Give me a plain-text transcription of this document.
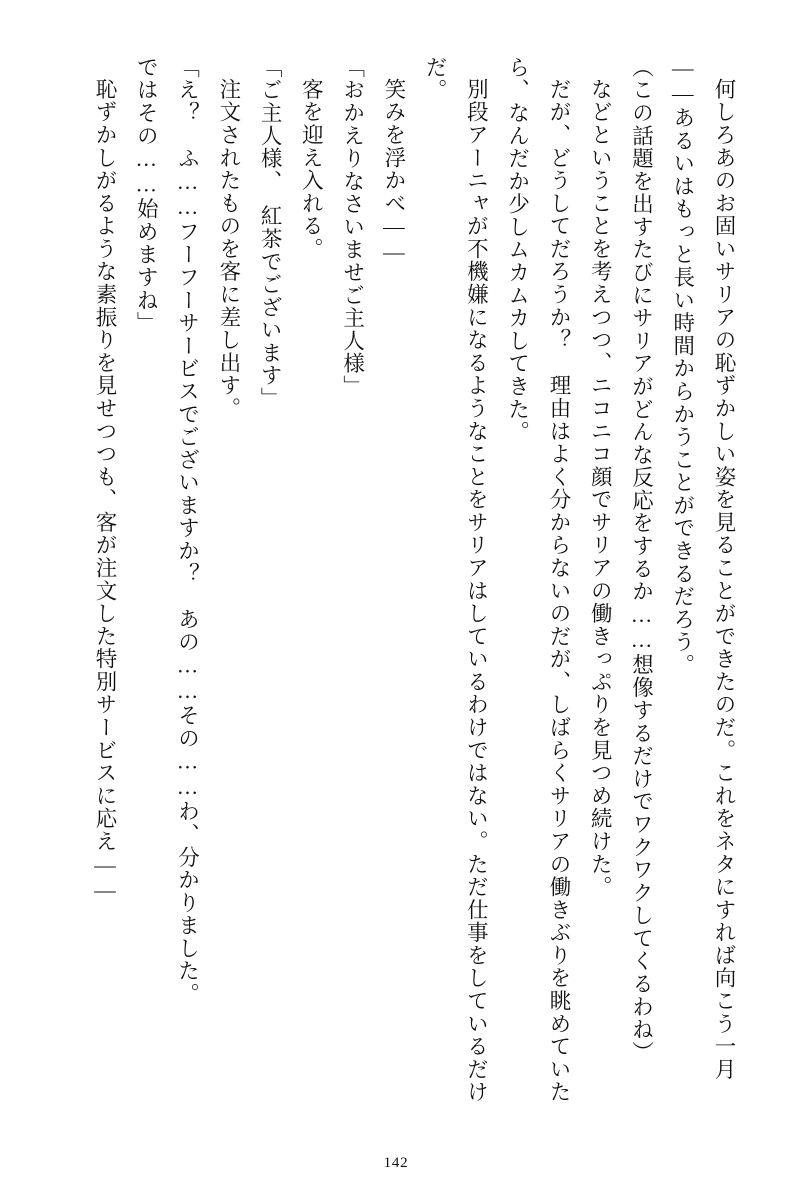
何しろあのお固いサリアの恥ずかしい姿を見ることができたのだ。これをネタにすれば向こう一月——あるいはもっと長い時間からかうことができるだろう。

（この話題を出すたびにサリアがどんな反応をするか……想像するだけでワクワクしてくるわね）

などということを考えつつ、ニコニコ顔でサリアの働きっぷりを見つめ続けた。

だが、どうしてだろうか？　理由はよく分からないのだが、しばらくサリアの働きぶりを眺めていたら、なんだか少しムカムカしてきた。

別段アーニャが不機嫌になるようなことをサリアはしているわけではない。ただ仕事をしているだけだ。

笑みを浮かべ——

「おかえりなさいませご主人様」

客を迎え入れる。

「ご主人様、　紅茶でございます」

注文されたものを客に差し出す。

「え？　ふ……フーフーサービスでございますか？　あの……その……わ、分かりました。

ではその……始めますね」

恥ずかしがるような素振りを見せつつも、客が注文した特別サービスに応え——

142
